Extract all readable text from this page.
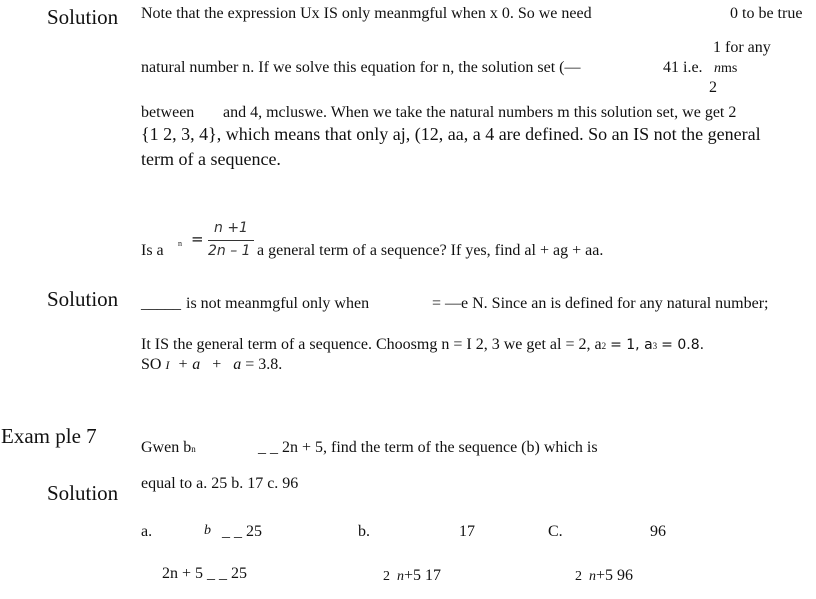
Solution Note that the expression Ux IS only meanmgful when x 0. So we need	0 to be true
1 for any
natural number n. If we solve this equation for n, the solution set (—	41 i.e. nms
2
between and 4, mcluswe. When we take the natural numbers m this solution set, we get 2
{1 2, 3, 4}, which means that only aj, (12, aa, a 4 are defined. So an IS not the general
term of a sequence.
Is a n =
n +1
2n – 1 a general term of a sequence? If yes, find al + ag + aa.
Solution _____ is not meanmgful only when	= —e N. Since an is defined for any natural number;
It IS the general term of a sequence. Choosmg n = I 2, 3 we get al = 2, a2 = 1, a3 = 0.8.
SO I + a + a = 3.8.
Exam ple 7	Gwen bn	_ _ 2n + 5, find the term of the sequence (b) which is
equal to a. 25 b. 17 c. 96
Solution
a.	b _ _ 25	b.	17	C.	96
2n + 5 _ _ 25	2 n+5 17	2 n+5 96
